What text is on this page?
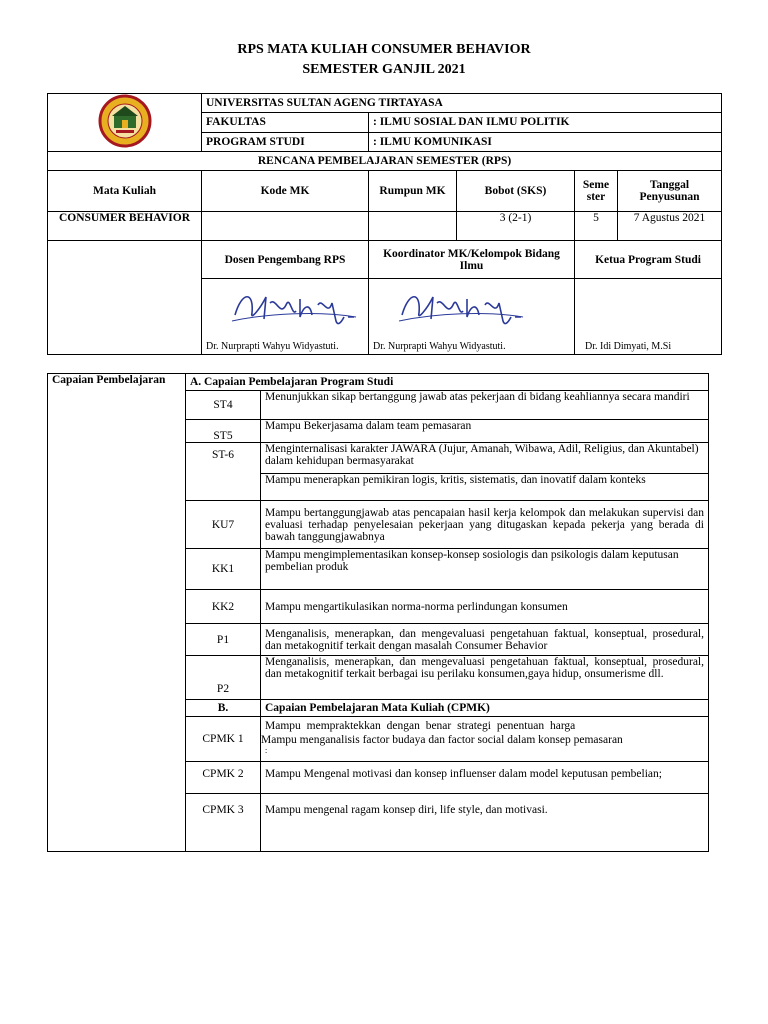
RPS MATA KULIAH CONSUMER BEHAVIOR
SEMESTER GANJIL 2021
	UNIVERSITAS SULTAN AGENG TIRTAYASA				
	FAKULTAS	: ILMU SOSIAL DAN ILMU POLITIK			
	PROGRAM STUDI	: ILMU KOMUNIKASI			
RENCANA PEMBELAJARAN SEMESTER (RPS)					
Mata Kuliah	Kode MK	Rumpun MK	Bobot (SKS)	Seme ster	Tanggal Penyusunan
CONSUMER BEHAVIOR			3 (2-1)	5	7 Agustus 2021
	Dosen Pengembang RPS	Koordinator MK/Kelompok Bidang Ilmu		Ketua Program Studi	

	Dr. Nurprapti Wahyu Widyastuti.	Dr. Nurprapti Wahyu Widyastuti.		Dr. Idi Dimyati, M.Si	
Capaian Pembelajaran	A. Capaian Pembelajaran Program Studi	
	ST4	Menunjukkan sikap bertanggung jawab atas pekerjaan di bidang keahliannya secara mandiri
	ST5	Mampu Bekerjasama dalam team pemasaran
	ST-6	Menginternalisasi karakter JAWARA (Jujur, Amanah, Wibawa, Adil, Religius, dan Akuntabel) dalam kehidupan bermasyarakat
		Mampu menerapkan pemikiran logis, kritis, sistematis, dan inovatif dalam konteks
	KU7	Mampu bertanggungjawab atas pencapaian hasil kerja kelompok dan melakukan supervisi dan evaluasi terhadap penyelesaian pekerjaan yang ditugaskan kepada pekerja yang berada di bawah tanggungjawabnya
	KK1	Mampu mengimplementasikan konsep-konsep sosiologis dan psikologis dalam keputusan pembelian produk
	KK2	Mampu mengartikulasikan norma-norma perlindungan konsumen
	P1	Menganalisis, menerapkan, dan mengevaluasi pengetahuan faktual, konseptual, prosedural, dan metakognitif terkait dengan masalah Consumer Behavior
	P2	Menganalisis, menerapkan, dan mengevaluasi pengetahuan faktual, konseptual, prosedural, dan metakognitif terkait berbagai isu perilaku konsumen,gaya hidup, onsumerisme dll.
	B.	Capaian Pembelajaran Mata Kuliah (CPMK)
	CPMK 1	Mampu mempraktekkan dengan benar strategi penentuan harga
Mampu menganalisis factor budaya dan factor social dalam konsep pemasaran
:

	CPMK 2	Mampu Mengenal motivasi dan konsep influenser dalam model keputusan pembelian;
	CPMK 3	Mampu mengenal ragam konsep diri, life style, dan motivasi.
